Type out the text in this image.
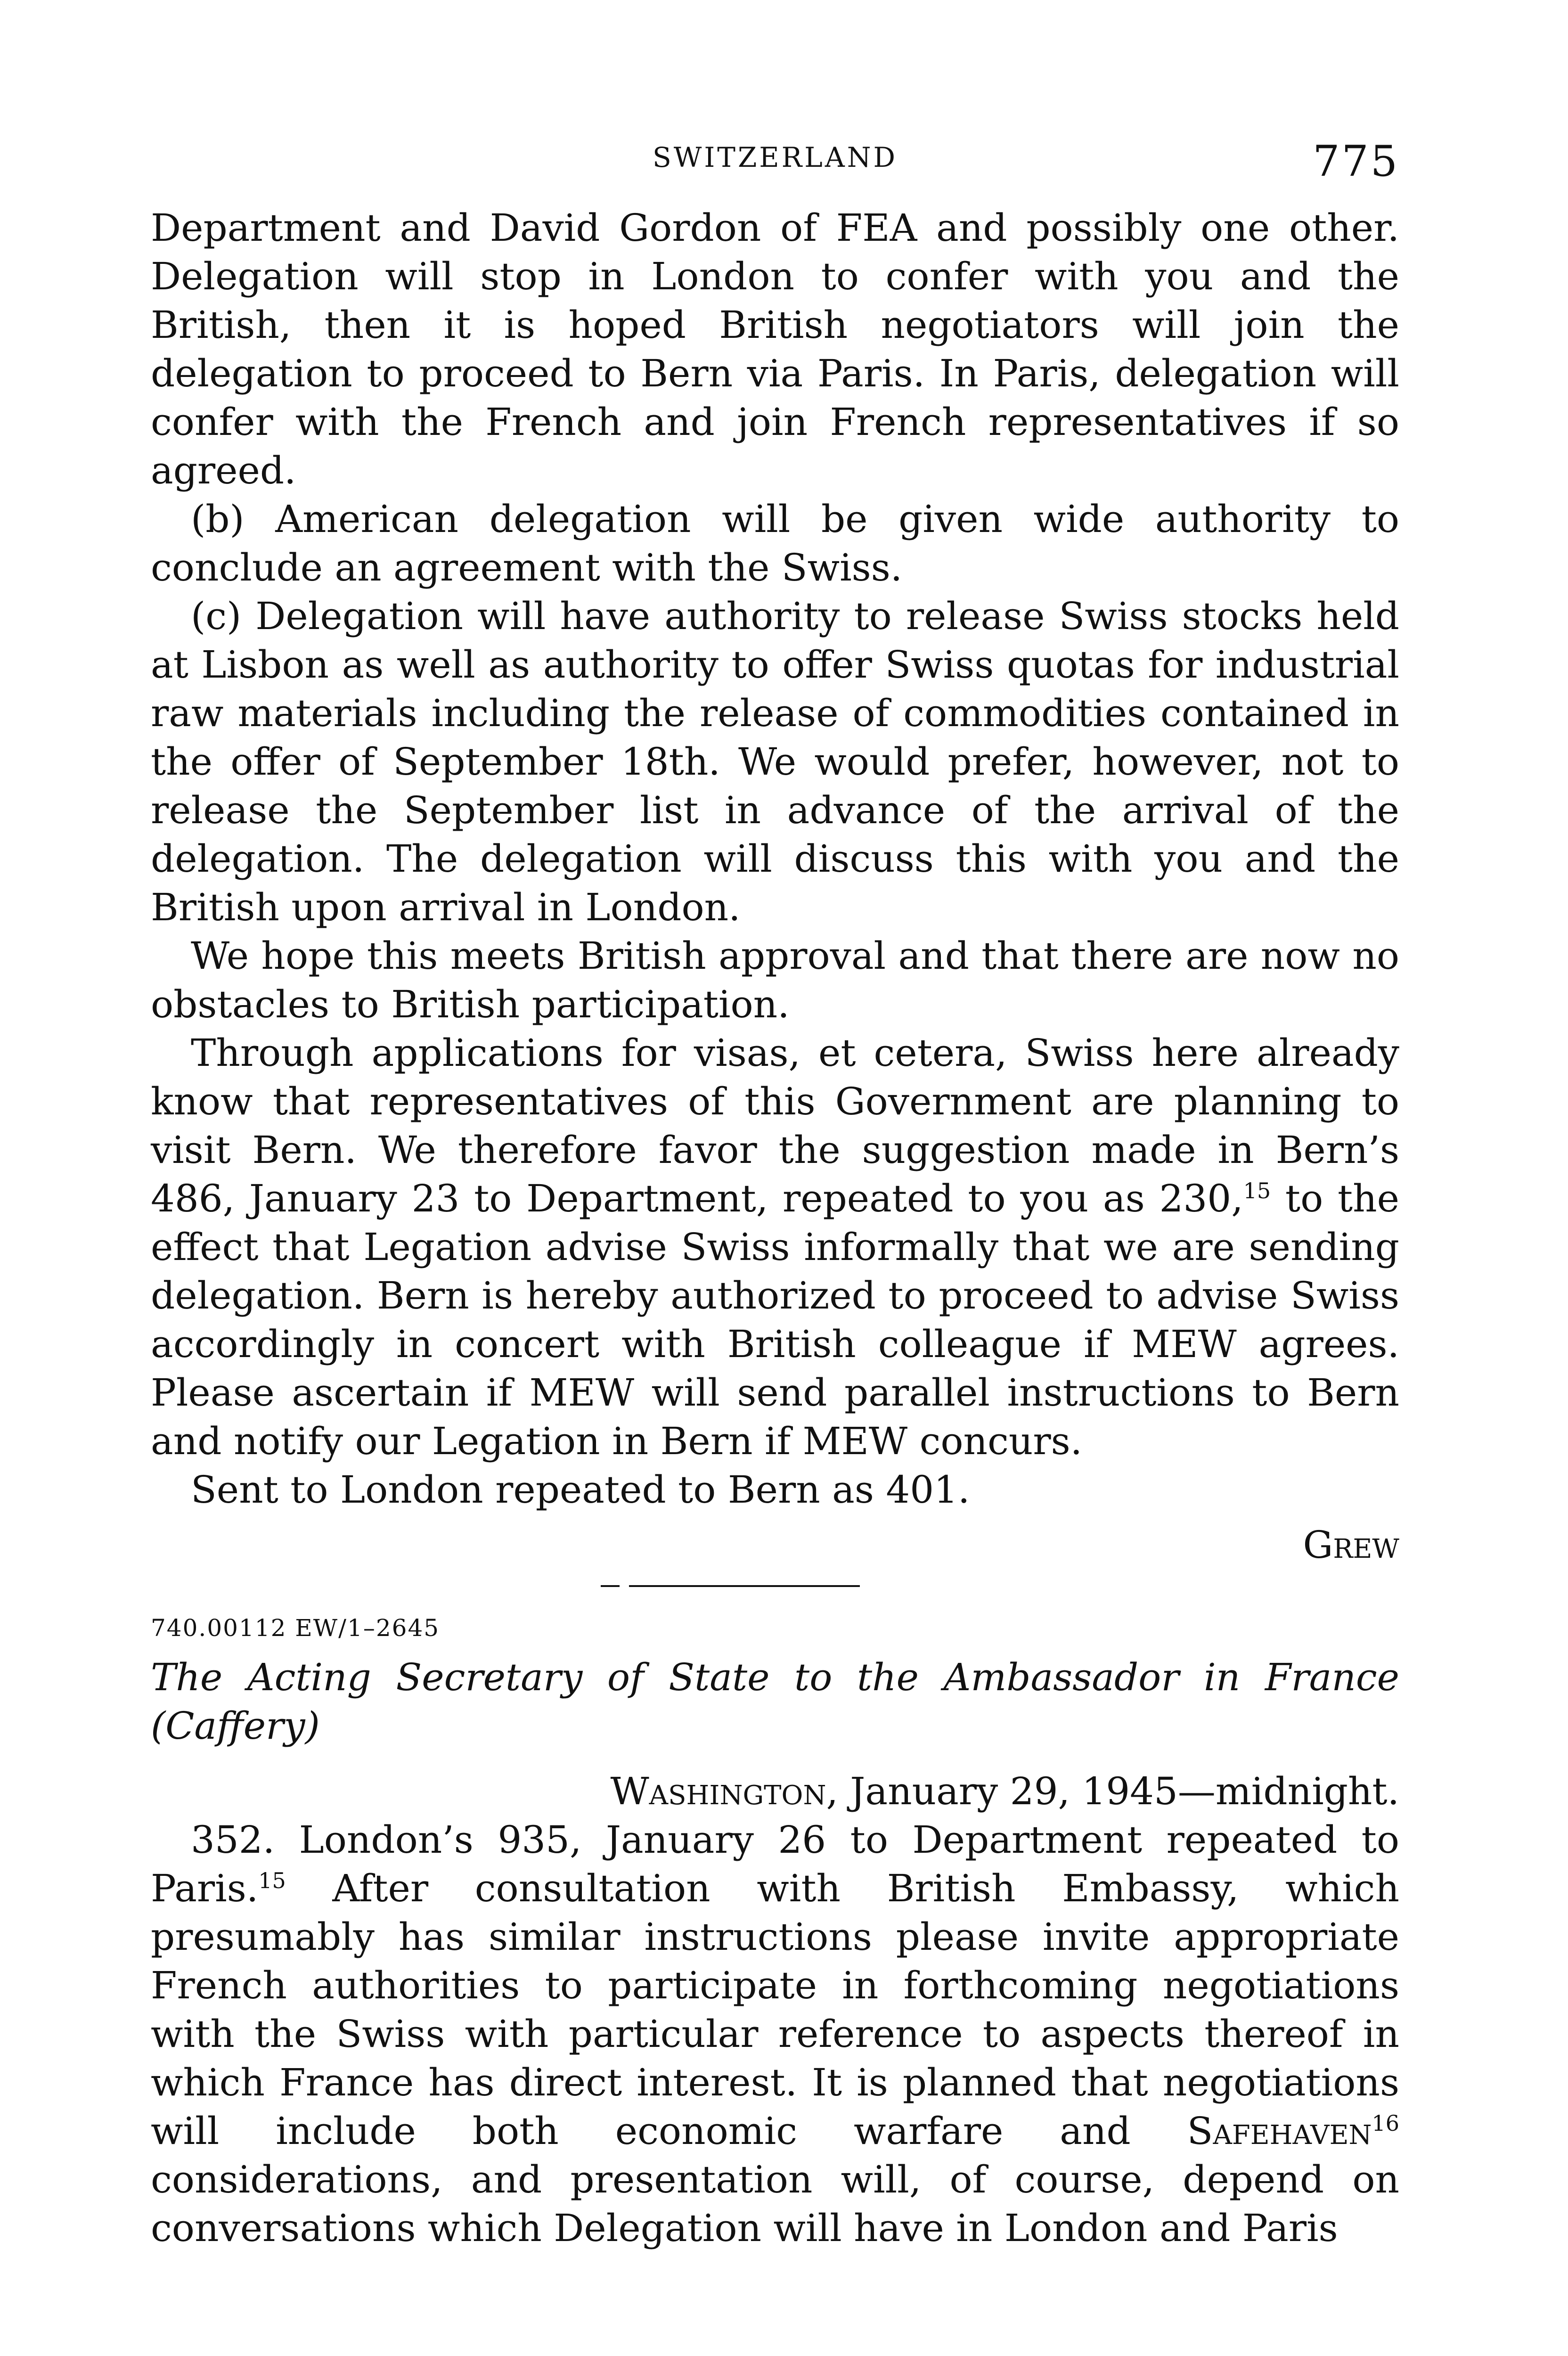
SWITZERLAND	775

Department and David Gordon of FEA and possibly one other. Delegation will stop in London to confer with you and the British, then it is hoped British negotiators will join the delegation to proceed to Bern via Paris. In Paris, delegation will confer with the French and join French representatives if so agreed.

(b) American delegation will be given wide authority to conclude an agreement with the Swiss.

(c) Delegation will have authority to release Swiss stocks held at Lisbon as well as authority to offer Swiss quotas for industrial raw materials including the release of commodities contained in the offer of September 18th. We would prefer, however, not to release the September list in advance of the arrival of the delegation. The delegation will discuss this with you and the British upon arrival in London.

We hope this meets British approval and that there are now no obstacles to British participation.

Through applications for visas, et cetera, Swiss here already know that representatives of this Government are planning to visit Bern. We therefore favor the suggestion made in Bern’s 486, January 23 to Department, repeated to you as 230,15 to the effect that Legation advise Swiss informally that we are sending delegation. Bern is hereby authorized to proceed to advise Swiss accordingly in concert with British colleague if MEW agrees. Please ascertain if MEW will send parallel instructions to Bern and notify our Legation in Bern if MEW concurs.

Sent to London repeated to Bern as 401.

Grew

740.00112 EW/1–2645

The Acting Secretary of State to the Ambassador in France (Caffery)

Washington, January 29, 1945—midnight.

352. London’s 935, January 26 to Department repeated to Paris.$^{15}$ After consultation with British Embassy, which presumably has similar instructions please invite appropriate French authorities to participate in forthcoming negotiations with the Swiss with particular reference to aspects thereof in which France has direct interest. It is planned that negotiations will include both economic warfare and Safehaven$^{16}$ considerations, and presentation will, of course, depend on conversations which Delegation will have in London and Paris
